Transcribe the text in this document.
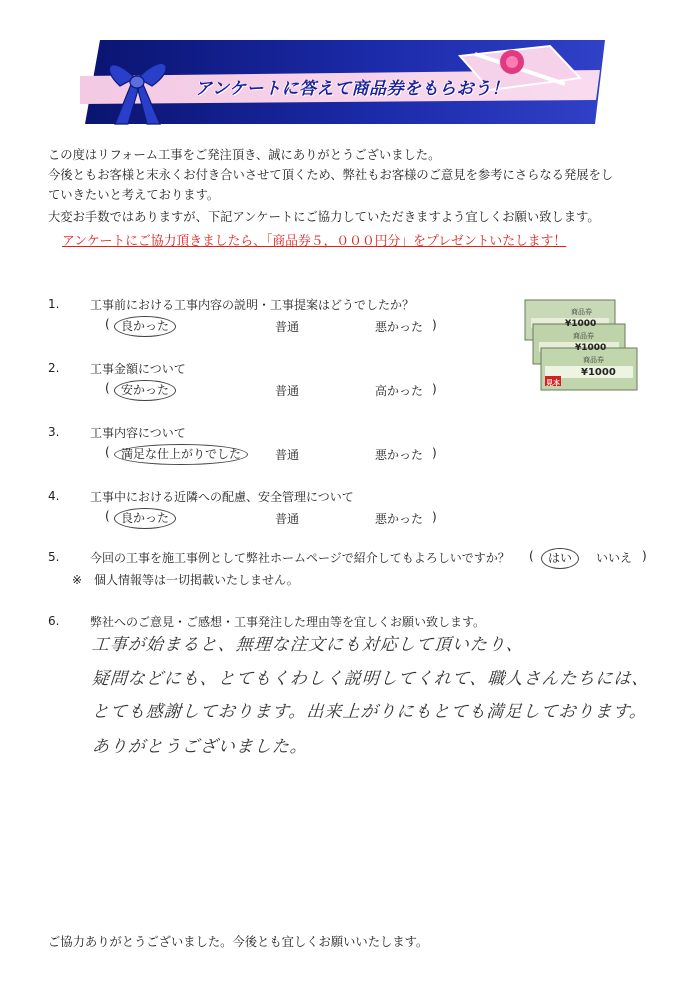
アンケートに答えて商品券をもらおう！
この度はリフォーム工事をご発注頂き、誠にありがとうございました。
今後ともお客様と末永くお付き合いさせて頂くため、弊社もお客様のご意見を参考にさらなる発展をし
ていきたいと考えております。
大変お手数ではありますが、下記アンケートにご協力していただきますよう宜しくお願い致します。
アンケートにご協力頂きましたら、「商品券５，０００円分」をプレゼントいたします！
商品券
¥1000
商品券
¥1000
商品券
¥1000
見本
1.	工事前における工事内容の説明・工事提案はどうでしたか？
( 良かった	普通	悪かった )
2.	工事金額について
( 安かった	普通	高かった )
3.	工事内容について
( 満足な仕上がりでした	普通	悪かった )
4.	工事中における近隣への配慮、安全管理について
( 良かった	普通	悪かった )
5.	今回の工事を施工事例として弊社ホームページで紹介してもよろしいですか？ ( はい	いいえ )
※　個人情報等は一切掲載いたしません。
6.	弊社へのご意見・ご感想・工事発注した理由等を宜しくお願い致します。
工事が始まると、無理な注文にも対応して頂いたり、
疑問などにも、とてもくわしく説明してくれて、職人さんたちには、
とても感謝しております。出来上がりにもとても満足しております。
ありがとうございました。
ご協力ありがとうございました。今後とも宜しくお願いいたします。
